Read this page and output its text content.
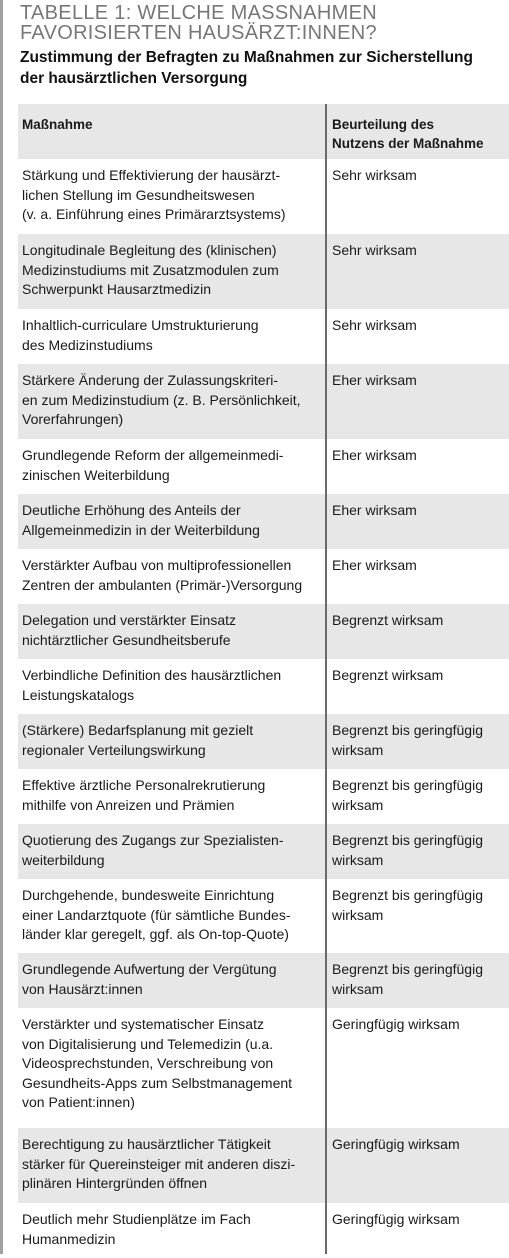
TABELLE 1: WELCHE MASSNAHMEN
FAVORISIERTEN HAUSÄRZT:INNEN?
Zustimmung der Befragten zu Maßnahmen zur Sicherstellung
der hausärztlichen Versorgung
Maßnahme	Beurteilung des
Nutzens der Maßnahme
Stärkung und Effektivierung der hausärzt-
lichen Stellung im Gesundheitswesen
(v. a. Einführung eines Primärarztsystems)
Sehr wirksam
Longitudinale Begleitung des (klinischen)
Medizinstudiums mit Zusatzmodulen zum
Schwerpunkt Hausarztmedizin
Sehr wirksam
Inhaltlich-curriculare Umstrukturierung
des Medizinstudiums
Sehr wirksam
Stärkere Änderung der Zulassungskriteri-
en zum Medizinstudium (z. B. Persönlichkeit,
Vorerfahrungen)
Eher wirksam
Grundlegende Reform der allgemeinmedi-
zinischen Weiterbildung
Eher wirksam
Deutliche Erhöhung des Anteils der
Allgemeinmedizin in der Weiterbildung
Eher wirksam
Verstärkter Aufbau von multiprofessionellen
Zentren der ambulanten (Primär-)Versorgung
Eher wirksam
Delegation und verstärkter Einsatz
nichtärztlicher Gesundheitsberufe
Begrenzt wirksam
Verbindliche Definition des hausärztlichen
Leistungskatalogs
Begrenzt wirksam
(Stärkere) Bedarfsplanung mit gezielt
regionaler Verteilungswirkung
Begrenzt bis geringfügig
wirksam
Effektive ärztliche Personalrekrutierung
mithilfe von Anreizen und Prämien
Begrenzt bis geringfügig
wirksam
Quotierung des Zugangs zur Spezialisten-
weiterbildung
Begrenzt bis geringfügig
wirksam
Durchgehende, bundesweite Einrichtung
einer Landarztquote (für sämtliche Bundes-
länder klar geregelt, ggf. als On-top-Quote)
Begrenzt bis geringfügig
wirksam
Grundlegende Aufwertung der Vergütung
von Hausärzt:innen
Begrenzt bis geringfügig
wirksam
Verstärkter und systematischer Einsatz
von Digitalisierung und Telemedizin (u.a.
Videosprechstunden, Verschreibung von
Gesundheits-Apps zum Selbstmanagement
von Patient:innen)
Geringfügig wirksam
Berechtigung zu hausärztlicher Tätigkeit
stärker für Quereinsteiger mit anderen diszi-
plinären Hintergründen öffnen
Geringfügig wirksam
Deutlich mehr Studienplätze im Fach
Humanmedizin
Geringfügig wirksam
